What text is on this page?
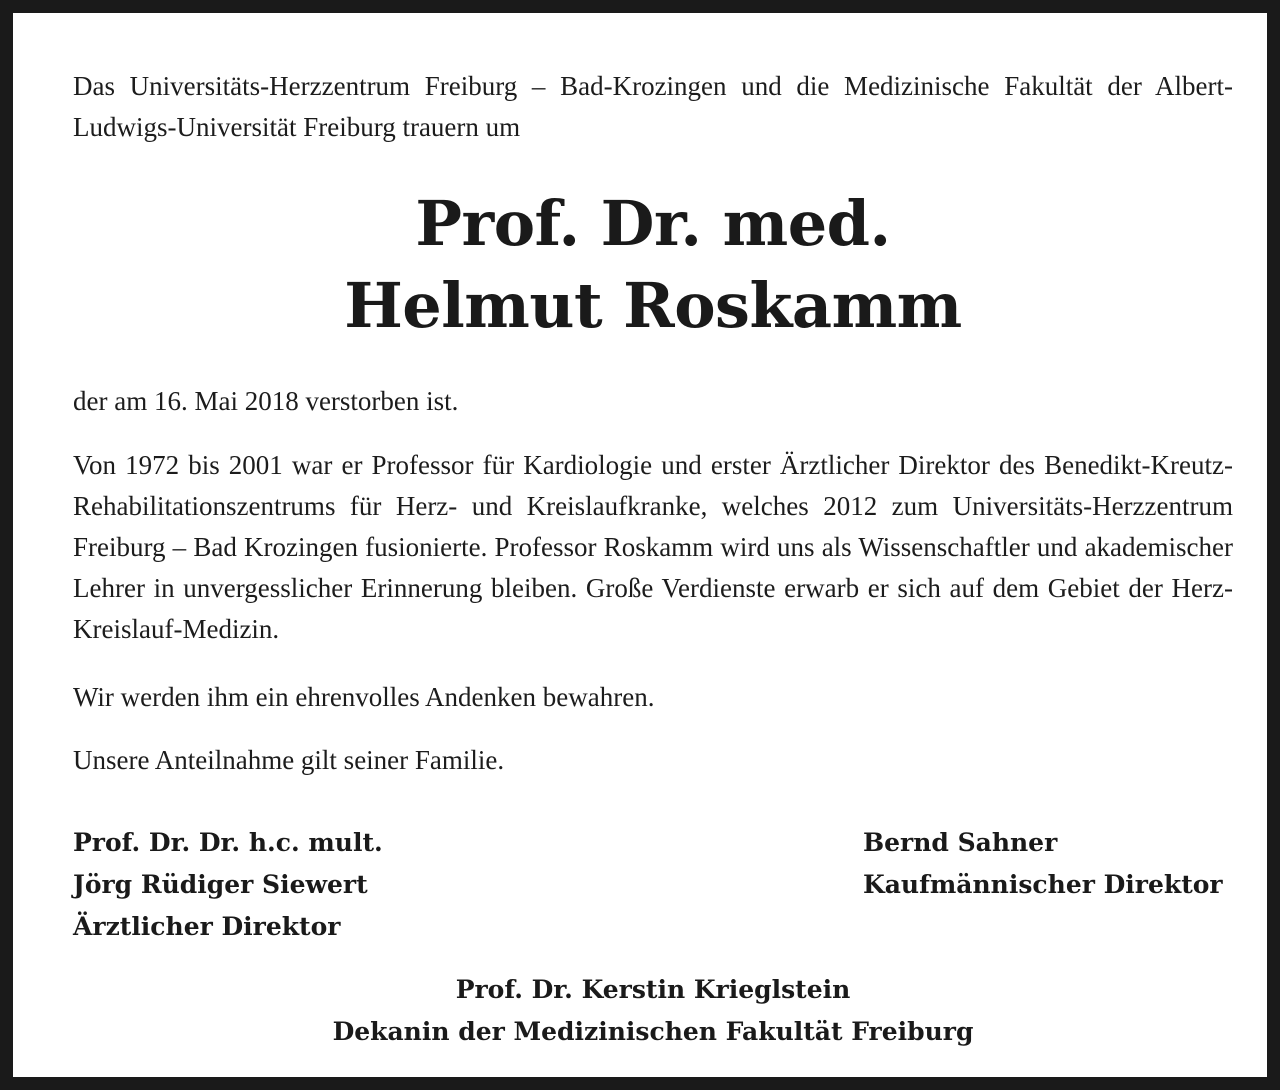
Das Universitäts-Herzzentrum Freiburg – Bad-Krozingen und die Medizinische Fakultät der Albert-Ludwigs-Universität Freiburg trauern um

Prof. Dr. med.
Helmut Roskamm

der am 16. Mai 2018 verstorben ist.

Von 1972 bis 2001 war er Professor für Kardiologie und erster Ärztlicher Direktor des Benedikt-Kreutz-Rehabilitationszentrums für Herz- und Kreislaufkranke, welches 2012 zum Universitäts-Herzzentrum Freiburg – Bad Krozingen fusionierte. Professor Roskamm wird uns als Wissenschaftler und akademischer Lehrer in unvergesslicher Erinnerung bleiben. Große Verdienste erwarb er sich auf dem Gebiet der Herz-Kreislauf-Medizin.

Wir werden ihm ein ehrenvolles Andenken bewahren.

Unsere Anteilnahme gilt seiner Familie.

Prof. Dr. Dr. h.c. mult.
Jörg Rüdiger Siewert
Ärztlicher Direktor
Bernd Sahner
Kaufmännischer Direktor
Prof. Dr. Kerstin Krieglstein
Dekanin der Medizinischen Fakultät Freiburg
